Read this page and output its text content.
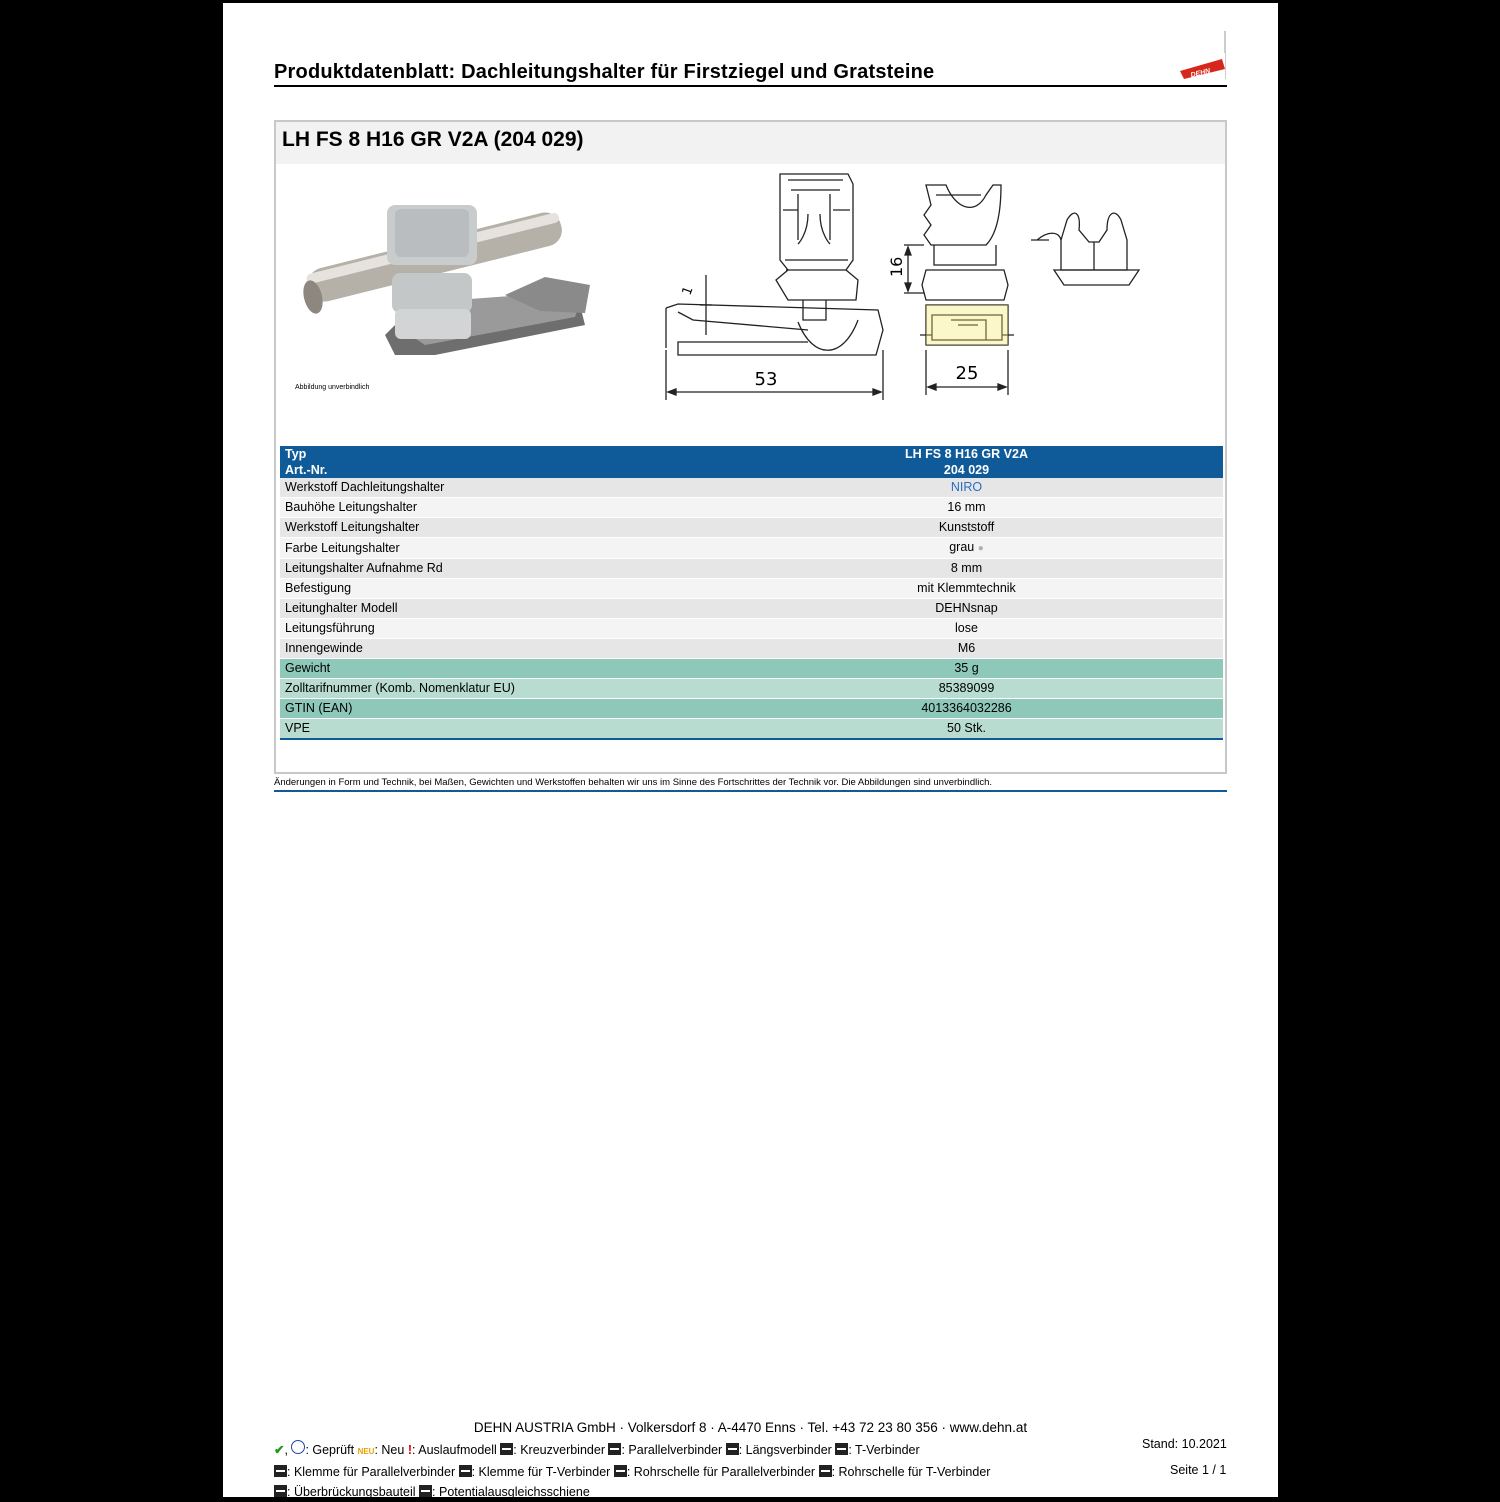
Produktdatenblatt: Dachleitungshalter für Firstziegel und Gratsteine	DEHN
LH FS 8 H16 GR V2A (204 029)
Abbildung unverbindlich	53
1
25
16
Typ	LH FS 8 H16 GR V2A
Art.-Nr.	204 029
Werkstoff Dachleitungshalter	NIRO
Bauhöhe Leitungshalter	16 mm
Werkstoff Leitungshalter	Kunststoff
Farbe Leitungshalter	grau ●
Leitungshalter Aufnahme Rd	8 mm
Befestigung	mit Klemmtechnik
Leitunghalter Modell	DEHNsnap
Leitungsführung	lose
Innengewinde	M6
Gewicht	35 g
Zolltarifnummer (Komb. Nomenklatur EU)	85389099
GTIN (EAN)	4013364032286
VPE	50 Stk.
Änderungen in Form und Technik, bei Maßen, Gewichten und Werkstoffen behalten wir uns im Sinne des Fortschrittes der Technik vor. Die Abbildungen sind unverbindlich.
DEHN AUSTRIA GmbH · Volkersdorf 8 · A-4470 Enns · Tel. +43 72 23 80 356 · www.dehn.at
✔, : Geprüft NEU: Neu !: Auslaufmodell : Kreuzverbinder : Parallelverbinder : Längsverbinder : T-Verbinder
: Klemme für Parallelverbinder : Klemme für T-Verbinder : Rohrschelle für Parallelverbinder : Rohrschelle für T-Verbinder
: Überbrückungsbauteil : Potentialausgleichsschiene
Stand: 10.2021
Seite 1 / 1
